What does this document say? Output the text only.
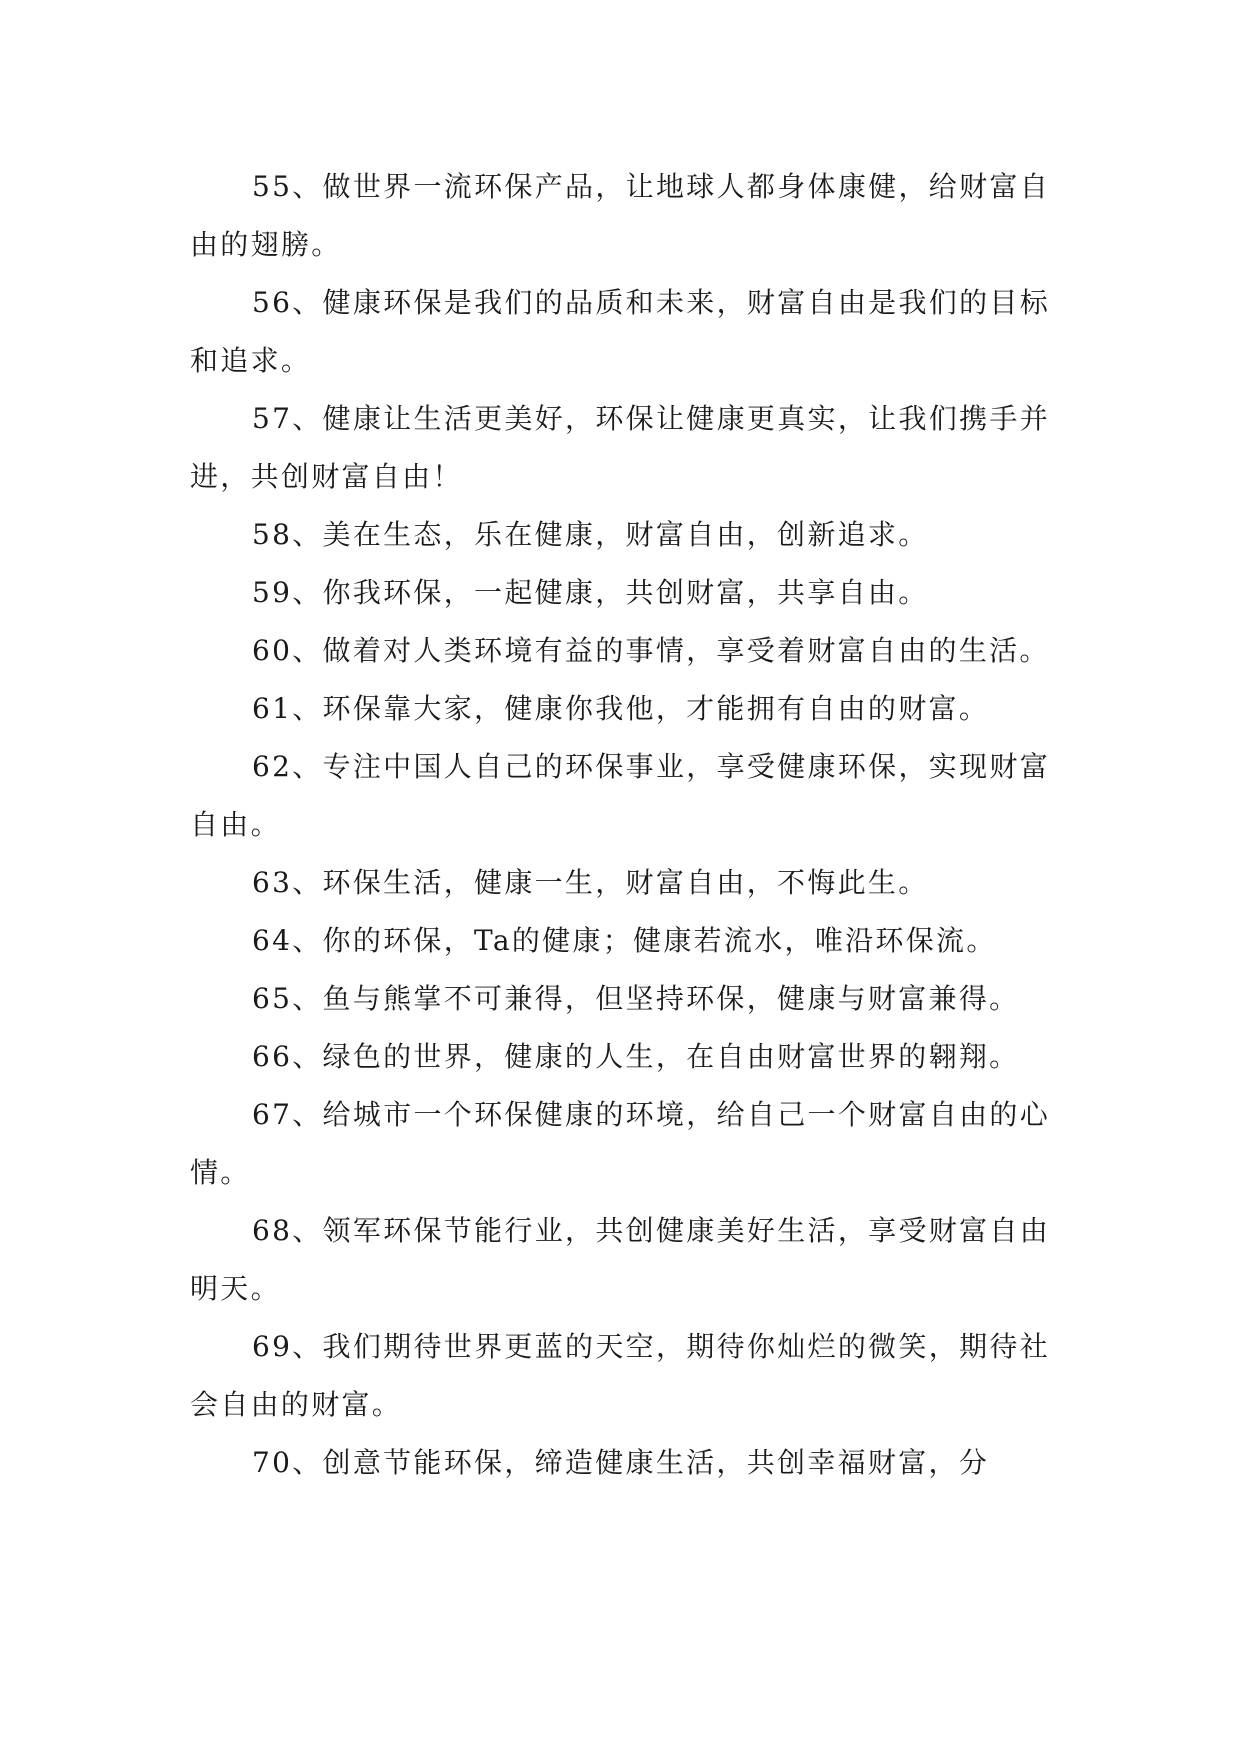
55、做世界一流环保产品，让地球人都身体康健，给财富自由的翅膀。

56、健康环保是我们的品质和未来，财富自由是我们的目标和追求。

57、健康让生活更美好，环保让健康更真实，让我们携手并进，共创财富自由！

58、美在生态，乐在健康，财富自由，创新追求。

59、你我环保，一起健康，共创财富，共享自由。

60、做着对人类环境有益的事情，享受着财富自由的生活。

61、环保靠大家，健康你我他，才能拥有自由的财富。

62、专注中国人自己的环保事业，享受健康环保，实现财富自由。

63、环保生活，健康一生，财富自由，不悔此生。

64、你的环保，Ta的健康；健康若流水，唯沿环保流。

65、鱼与熊掌不可兼得，但坚持环保，健康与财富兼得。

66、绿色的世界，健康的人生，在自由财富世界的翱翔。

67、给城市一个环保健康的环境，给自己一个财富自由的心情。

68、领军环保节能行业，共创健康美好生活，享受财富自由明天。

69、我们期待世界更蓝的天空，期待你灿烂的微笑，期待社会自由的财富。

70、创意节能环保，缔造健康生活，共创幸福财富，分
